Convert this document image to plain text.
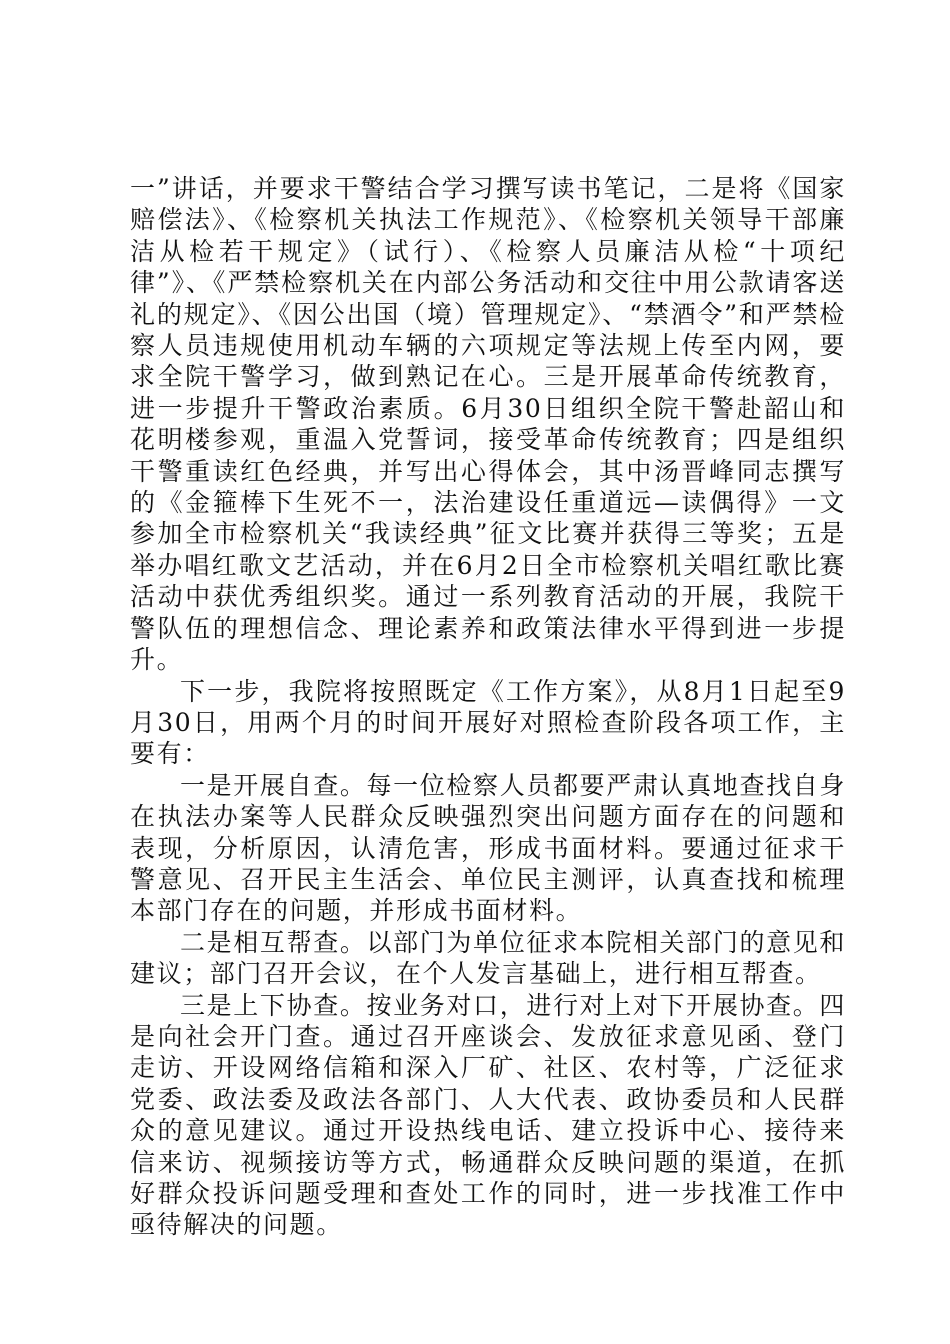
一”讲话，并要求干警结合学习撰写读书笔记，二是将《国家赔偿法》、《检察机关执法工作规范》、《检察机关领导干部廉洁从检若干规定》（试行）、《检察人员廉洁从检“十项纪律”》、《严禁检察机关在内部公务活动和交往中用公款请客送礼的规定》、《因公出国（境）管理规定》、“禁酒令”和严禁检察人员违规使用机动车辆的六项规定等法规上传至内网，要求全院干警学习，做到熟记在心。三是开展革命传统教育，进一步提升干警政治素质。6月30日组织全院干警赴韶山和花明楼参观，重温入党誓词，接受革命传统教育；四是组织干警重读红色经典，并写出心得体会，其中汤晋峰同志撰写的《金箍棒下生死不一，法治建设任重道远—读偶得》一文参加全市检察机关“我读经典”征文比赛并获得三等奖；五是举办唱红歌文艺活动，并在6月2日全市检察机关唱红歌比赛活动中获优秀组织奖。通过一系列教育活动的开展，我院干警队伍的理想信念、理论素养和政策法律水平得到进一步提升。

下一步，我院将按照既定《工作方案》，从8月1日起至9月30日，用两个月的时间开展好对照检查阶段各项工作，主要有：

一是开展自查。每一位检察人员都要严肃认真地查找自身在执法办案等人民群众反映强烈突出问题方面存在的问题和表现，分析原因，认清危害，形成书面材料。要通过征求干警意见、召开民主生活会、单位民主测评，认真查找和梳理本部门存在的问题，并形成书面材料。

二是相互帮查。以部门为单位征求本院相关部门的意见和建议；部门召开会议，在个人发言基础上，进行相互帮查。

三是上下协查。按业务对口，进行对上对下开展协查。四是向社会开门查。通过召开座谈会、发放征求意见函、登门走访、开设网络信箱和深入厂矿、社区、农村等，广泛征求党委、政法委及政法各部门、人大代表、政协委员和人民群众的意见建议。通过开设热线电话、建立投诉中心、接待来信来访、视频接访等方式，畅通群众反映问题的渠道，在抓好群众投诉问题受理和查处工作的同时，进一步找准工作中亟待解决的问题。
